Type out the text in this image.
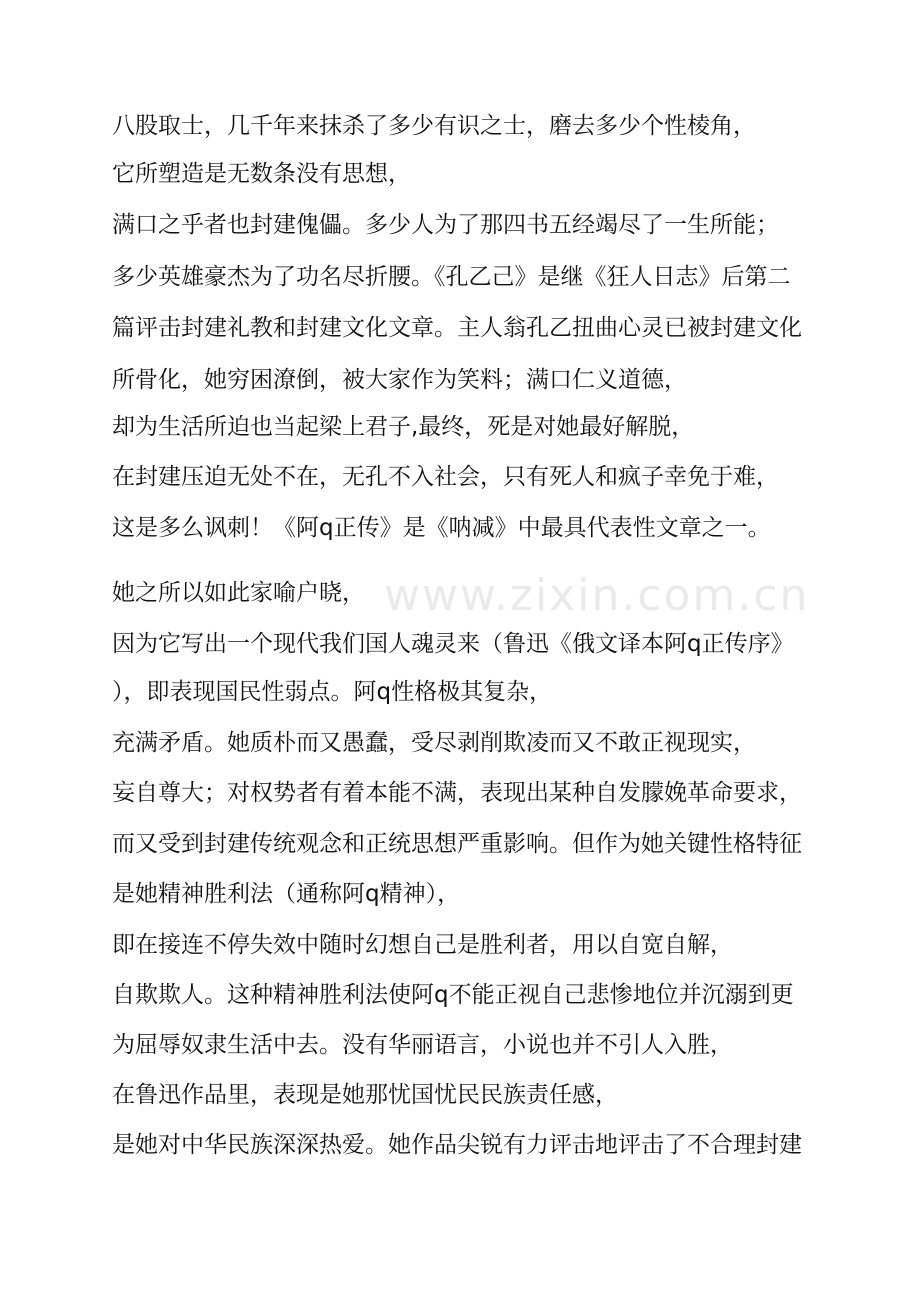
www.zixin.com.cn
八股取士，几千年来抹杀了多少有识之士，磨去多少个性棱角，
它所塑造是无数条没有思想，
满口之乎者也封建傀儡。多少人为了那四书五经竭尽了一生所能；
多少英雄豪杰为了功名尽折腰。《孔乙己》是继《狂人日志》后第二
篇评击封建礼教和封建文化文章。主人翁孔乙扭曲心灵已被封建文化
所骨化，她穷困潦倒，被大家作为笑料；满口仁义道德，
却为生活所迫也当起梁上君子,最终，死是对她最好解脱，
在封建压迫无处不在，无孔不入社会，只有死人和疯子幸免于难，
这是多么讽刺！《阿q正传》是《呐减》中最具代表性文章之一。
她之所以如此家喻户晓，
因为它写出一个现代我们国人魂灵来（鲁迅《俄文译本阿q正传序》
），即表现国民性弱点。阿q性格极其复杂，
充满矛盾。她质朴而又愚蠢，受尽剥削欺凌而又不敢正视现实，
妄自尊大；对权势者有着本能不满，表现出某种自发朦娩革命要求，
而又受到封建传统观念和正统思想严重影响。但作为她关键性格特征
是她精神胜利法（通称阿q精神），
即在接连不停失效中随时幻想自己是胜利者，用以自宽自解，
自欺欺人。这种精神胜利法使阿q不能正视自己悲惨地位并沉溺到更
为屈辱奴隶生活中去。没有华丽语言，小说也并不引人入胜，
在鲁迅作品里，表现是她那忧国忧民民族责任感，
是她对中华民族深深热爱。她作品尖锐有力评击地评击了不合理封建
